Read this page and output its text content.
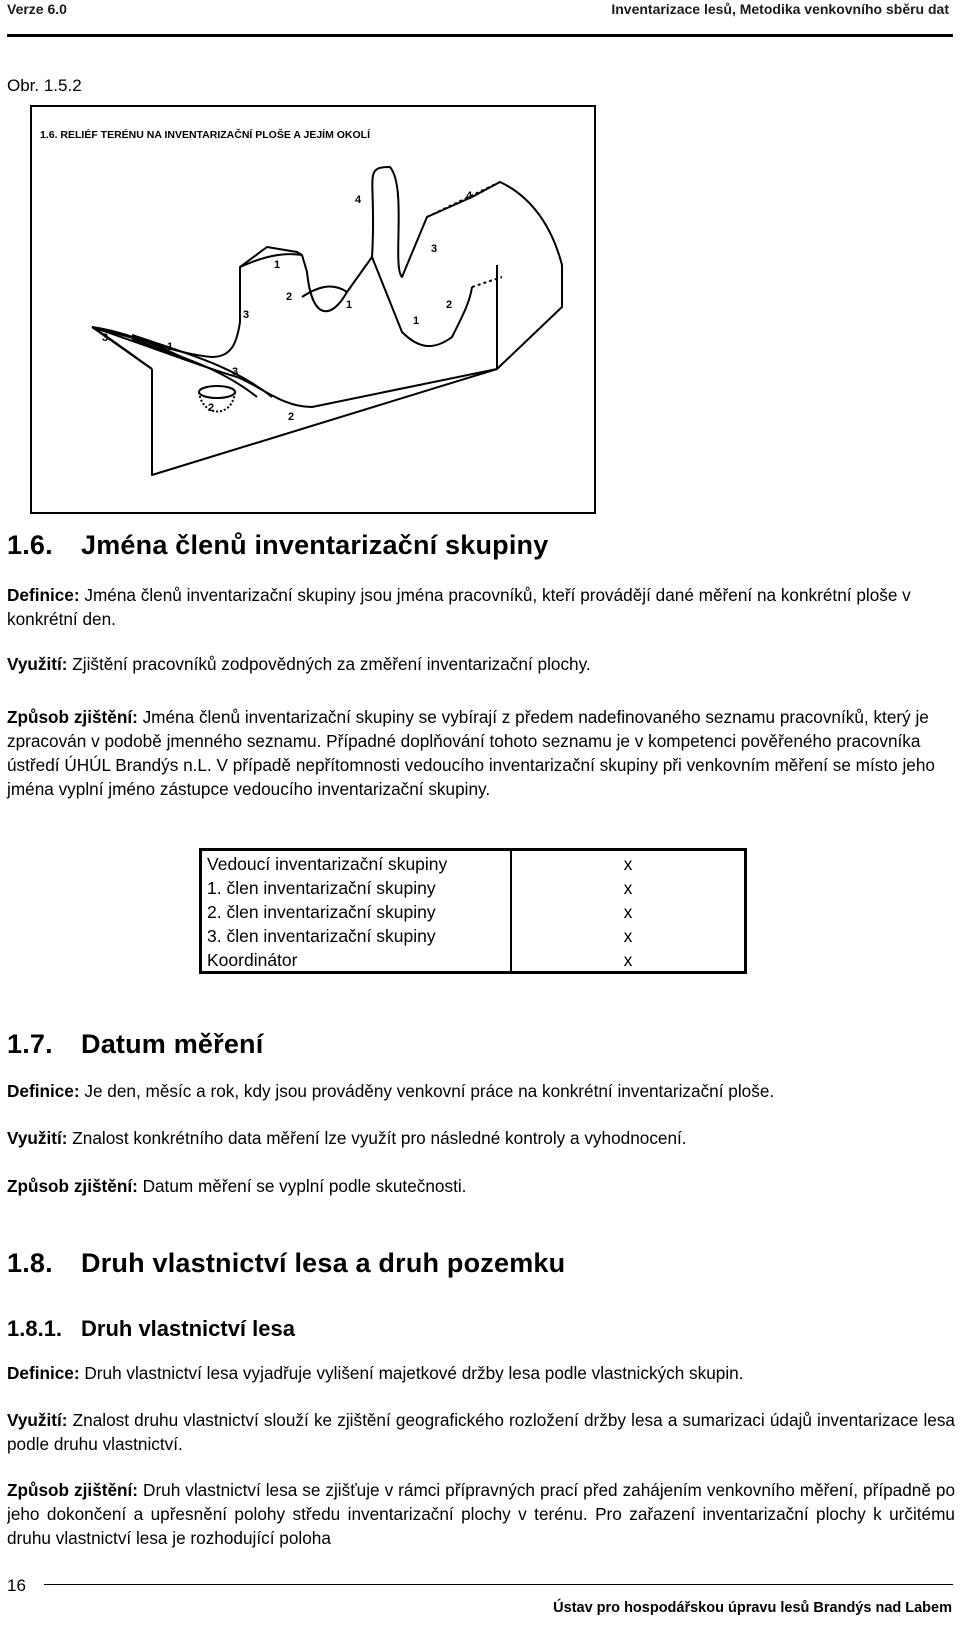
Verze 6.0	Inventarizace lesů, Metodika venkovního sběru dat
Obr. 1.5.2
1.6. RELIÉF TERÉNU NA INVENTARIZAČNÍ PLOŠE A JEJÍM OKOLÍ
4	4
3
1
2
3
1	2
1
3
1
3
2
2
1.6. Jména členů inventarizační skupiny
Definice: Jména členů inventarizační skupiny jsou jména pracovníků, kteří provádějí dané měření na konkrétní ploše v konkrétní den.
Využití: Zjištění pracovníků zodpovědných za změření inventarizační plochy.
Způsob zjištění: Jména členů inventarizační skupiny se vybírají z předem nadefinovaného seznamu pracovníků, který je zpracován v podobě jmenného seznamu. Případné doplňování tohoto seznamu je v kompetenci pověřeného pracovníka ústředí ÚHÚL Brandýs n.L. V případě nepřítomnosti vedoucího inventarizační skupiny při venkovním měření se místo jeho jména vyplní jméno zástupce vedoucího inventarizační skupiny.
Vedoucí inventarizační skupiny	x
1. člen inventarizační skupiny	x
2. člen inventarizační skupiny	x
3. člen inventarizační skupiny	x
Koordinátor	x
1.7. Datum měření
Definice: Je den, měsíc a rok, kdy jsou prováděny venkovní práce na konkrétní inventarizační ploše.
Využití: Znalost konkrétního data měření lze využít pro následné kontroly a vyhodnocení.
Způsob zjištění: Datum měření se vyplní podle skutečnosti.
1.8. Druh vlastnictví lesa a druh pozemku
1.8.1. Druh vlastnictví lesa
Definice: Druh vlastnictví lesa vyjadřuje vylišení majetkové držby lesa podle vlastnických skupin.
Využití: Znalost druhu vlastnictví slouží ke zjištění geografického rozložení držby lesa a sumarizaci údajů inventarizace lesa podle druhu vlastnictví.
Způsob zjištění: Druh vlastnictví lesa se zjišťuje v rámci přípravných prací před zahájením venkovního měření, případně po jeho dokončení a upřesnění polohy středu inventarizační plochy v terénu. Pro zařazení inventarizační plochy k určitému druhu vlastnictví lesa je rozhodující poloha
16
Ústav pro hospodářskou úpravu lesů Brandýs nad Labem
